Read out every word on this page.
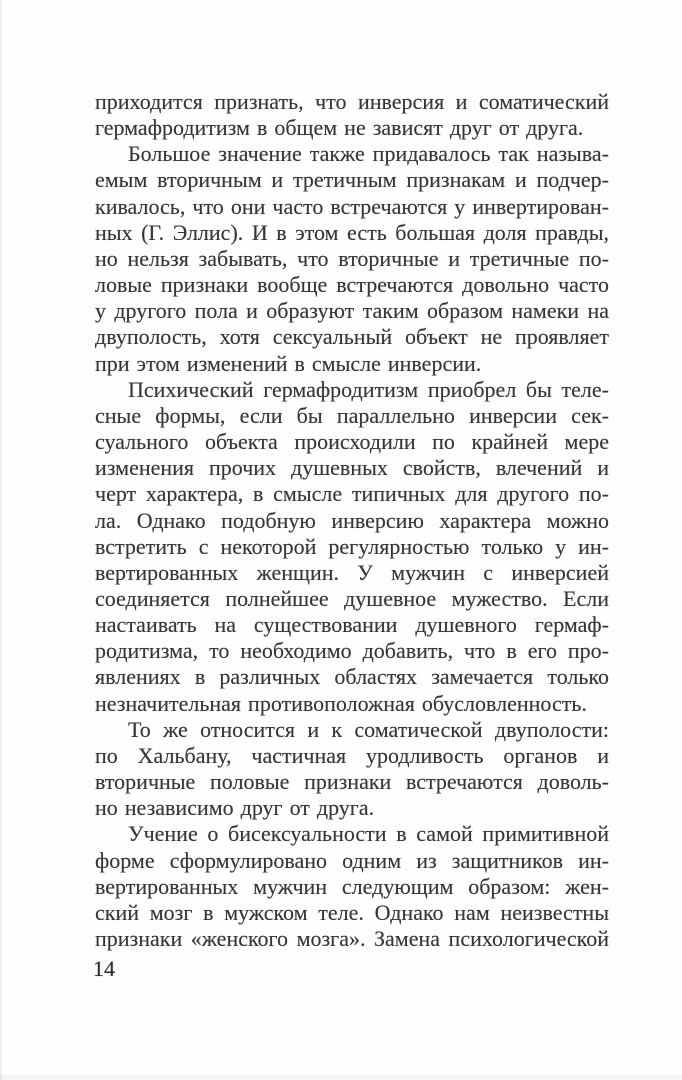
приходится признать, что инверсия и соматический
гермафродитизм в общем не зависят друг от друга.
Большое значение также придавалось так называ-
емым вторичным и третичным признакам и подчер-
кивалось, что они часто встречаются у инвертирован-
ных (Г. Эллис). И в этом есть большая доля правды,
но нельзя забывать, что вторичные и третичные по-
ловые признаки вообще встречаются довольно часто
у другого пола и образуют таким образом намеки на
двуполость, хотя сексуальный объект не проявляет
при этом изменений в смысле инверсии.
Психический гермафродитизм приобрел бы теле-
сные формы, если бы параллельно инверсии сек-
суального объекта происходили по крайней мере
изменения прочих душевных свойств, влечений и
черт характера, в смысле типичных для другого по-
ла. Однако подобную инверсию характера можно
встретить с некоторой регулярностью только у ин-
вертированных женщин. У мужчин с инверсией
соединяется полнейшее душевное мужество. Если
настаивать на существовании душевного гермаф-
родитизма, то необходимо добавить, что в его про-
явлениях в различных областях замечается только
незначительная противоположная обусловленность.
То же относится и к соматической двуполости:
по Хальбану, частичная уродливость органов и
вторичные половые признаки встречаются доволь-
но независимо друг от друга.
Учение о бисексуальности в самой примитивной
форме сформулировано одним из защитников ин-
вертированных мужчин следующим образом: жен-
ский мозг в мужском теле. Однако нам неизвестны
признаки «женского мозга». Замена психологической
14
